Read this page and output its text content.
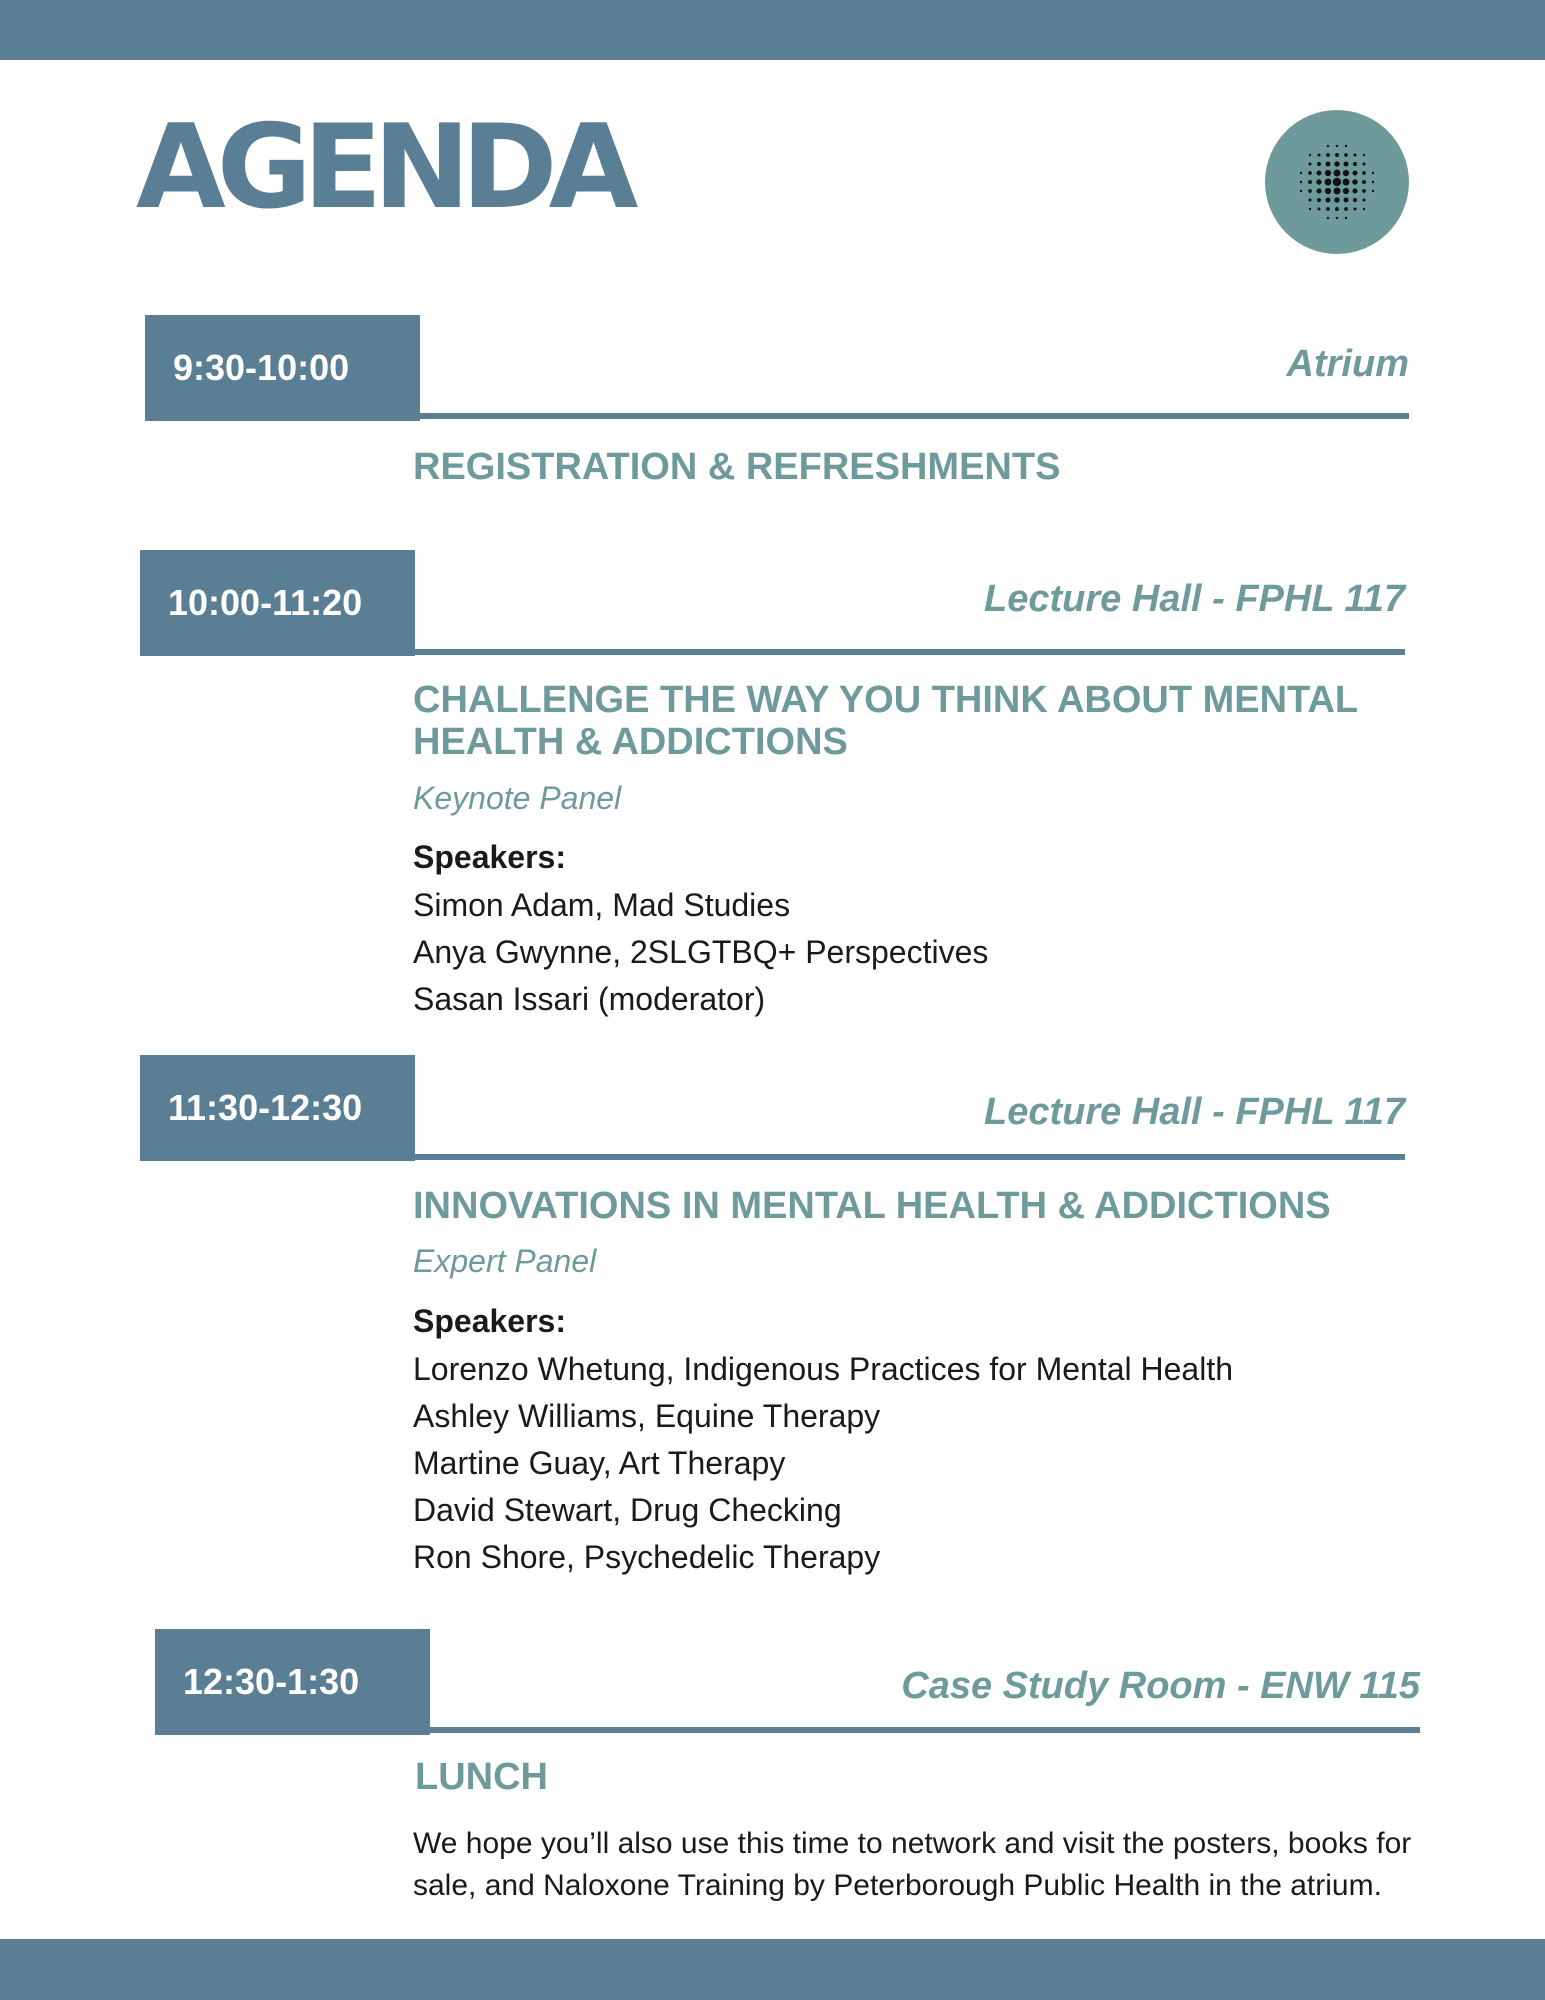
AGENDA
9:30-10:00	Atrium
REGISTRATION & REFRESHMENTS
10:00-11:20	Lecture Hall - FPHL 117
CHALLENGE THE WAY YOU THINK ABOUT MENTAL HEALTH & ADDICTIONS
Keynote Panel
Speakers:
Simon Adam, Mad Studies
Anya Gwynne, 2SLGTBQ+ Perspectives
Sasan Issari (moderator)
11:30-12:30	Lecture Hall - FPHL 117
INNOVATIONS IN MENTAL HEALTH & ADDICTIONS
Expert Panel
Speakers:
Lorenzo Whetung, Indigenous Practices for Mental Health
Ashley Williams, Equine Therapy
Martine Guay, Art Therapy
David Stewart, Drug Checking
Ron Shore, Psychedelic Therapy
12:30-1:30	Case Study Room - ENW 115
LUNCH
We hope you’ll also use this time to network and visit the posters, books for sale, and Naloxone Training by Peterborough Public Health in the atrium.
